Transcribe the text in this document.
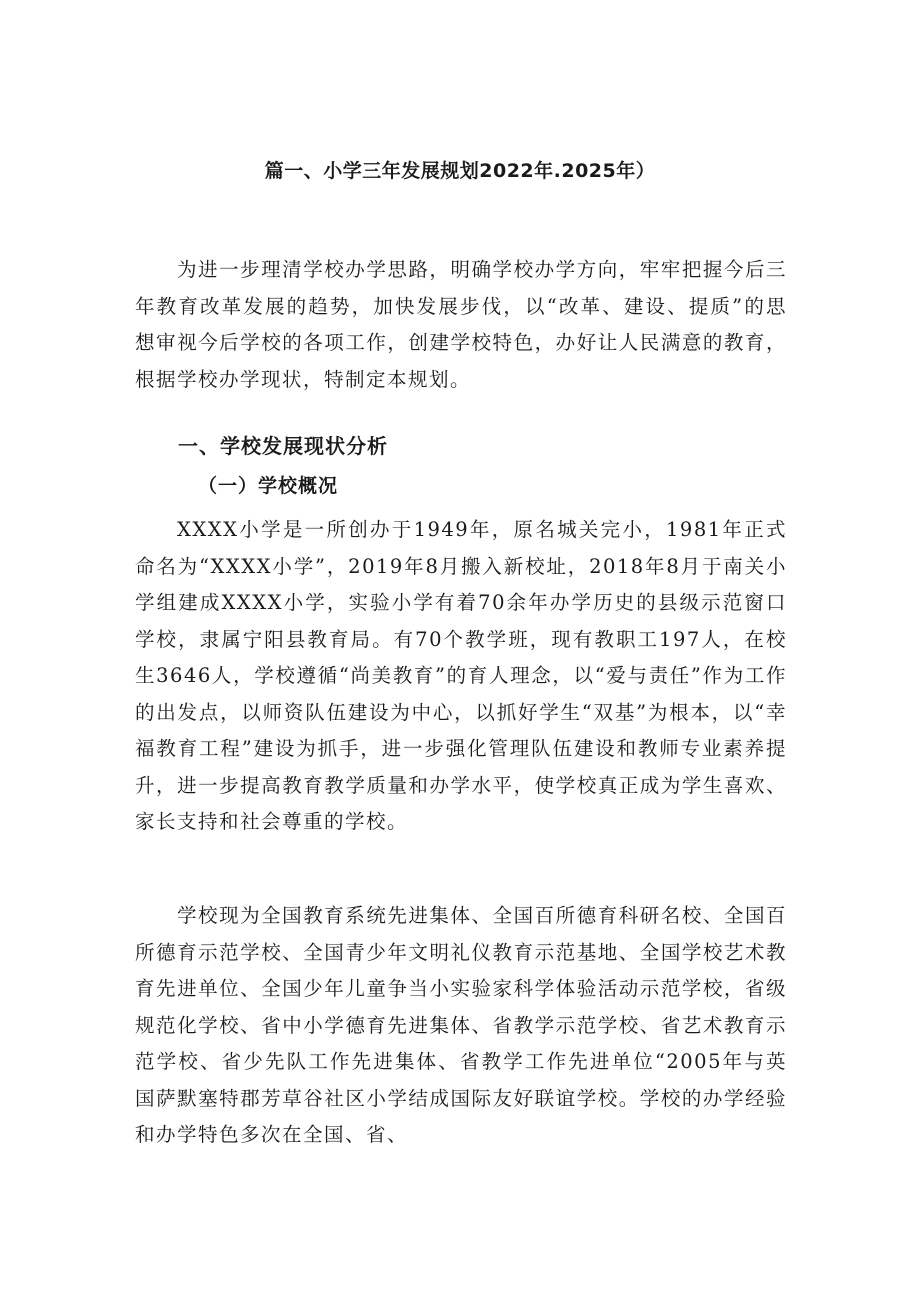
篇一、小学三年发展规划2022年.2025年）

为进一步理清学校办学思路，明确学校办学方向，牢牢把握今后三年教育改革发展的趋势，加快发展步伐，以“改革、建设、提质”的思想审视今后学校的各项工作，创建学校特色，办好让人民满意的教育，根据学校办学现状，特制定本规划。

一、学校发展现状分析
（一）学校概况

XXXX小学是一所创办于1949年，原名城关完小，1981年正式命名为“XXXX小学”，2019年8月搬入新校址，2018年8月于南关小学组建成XXXX小学，实验小学有着70余年办学历史的县级示范窗口学校，隶属宁阳县教育局。有70个教学班，现有教职工197人，在校生3646人，学校遵循“尚美教育”的育人理念，以“爱与责任”作为工作的出发点，以师资队伍建设为中心，以抓好学生“双基”为根本，以“幸福教育工程”建设为抓手，进一步强化管理队伍建设和教师专业素养提升，进一步提高教育教学质量和办学水平，使学校真正成为学生喜欢、家长支持和社会尊重的学校。

学校现为全国教育系统先进集体、全国百所德育科研名校、全国百所德育示范学校、全国青少年文明礼仪教育示范基地、全国学校艺术教育先进单位、全国少年儿童争当小实验家科学体验活动示范学校，省级规范化学校、省中小学德育先进集体、省教学示范学校、省艺术教育示范学校、省少先队工作先进集体、省教学工作先进单位“2005年与英国萨默塞特郡芳草谷社区小学结成国际友好联谊学校。学校的办学经验和办学特色多次在全国、省、
